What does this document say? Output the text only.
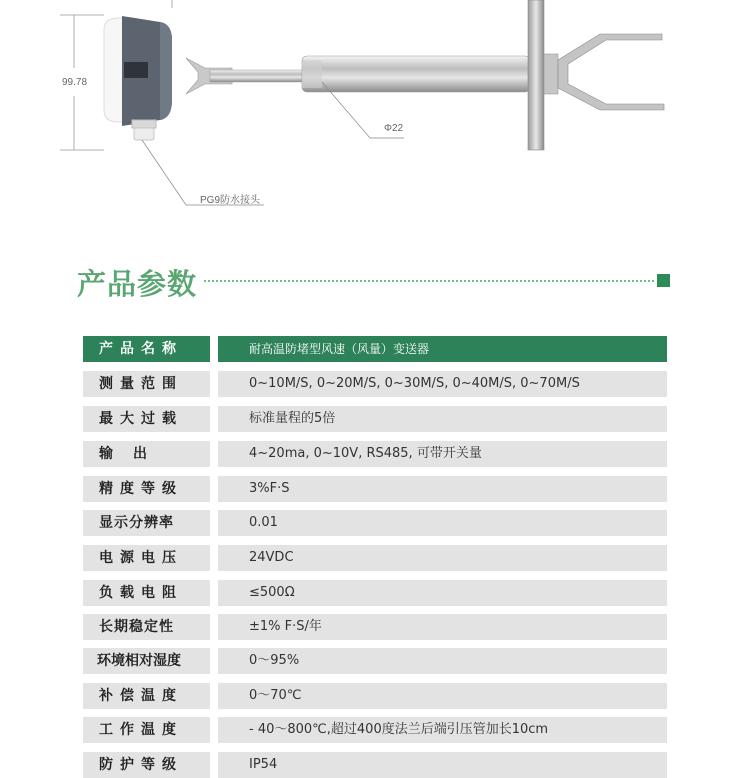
99.78
Φ22
PG9防水接头
产品参数
产品名称	耐高温防堵型风速（风量）变送器
测量范围	0~10M/S, 0~20M/S, 0~30M/S, 0~40M/S, 0~70M/S
最大过载	标准量程的5倍
输　出	4~20ma, 0~10V, RS485, 可带开关量
精度等级	3%F·S
显示分辨率	0.01
电源电压	24VDC
负载电阻	≤500Ω
长期稳定性	±1% F·S/年
环境相对湿度	0～95%
补偿温度	0～70℃
工作温度	- 40～800℃,超过400度法兰后端引压管加长10cm
防护等级	IP54
